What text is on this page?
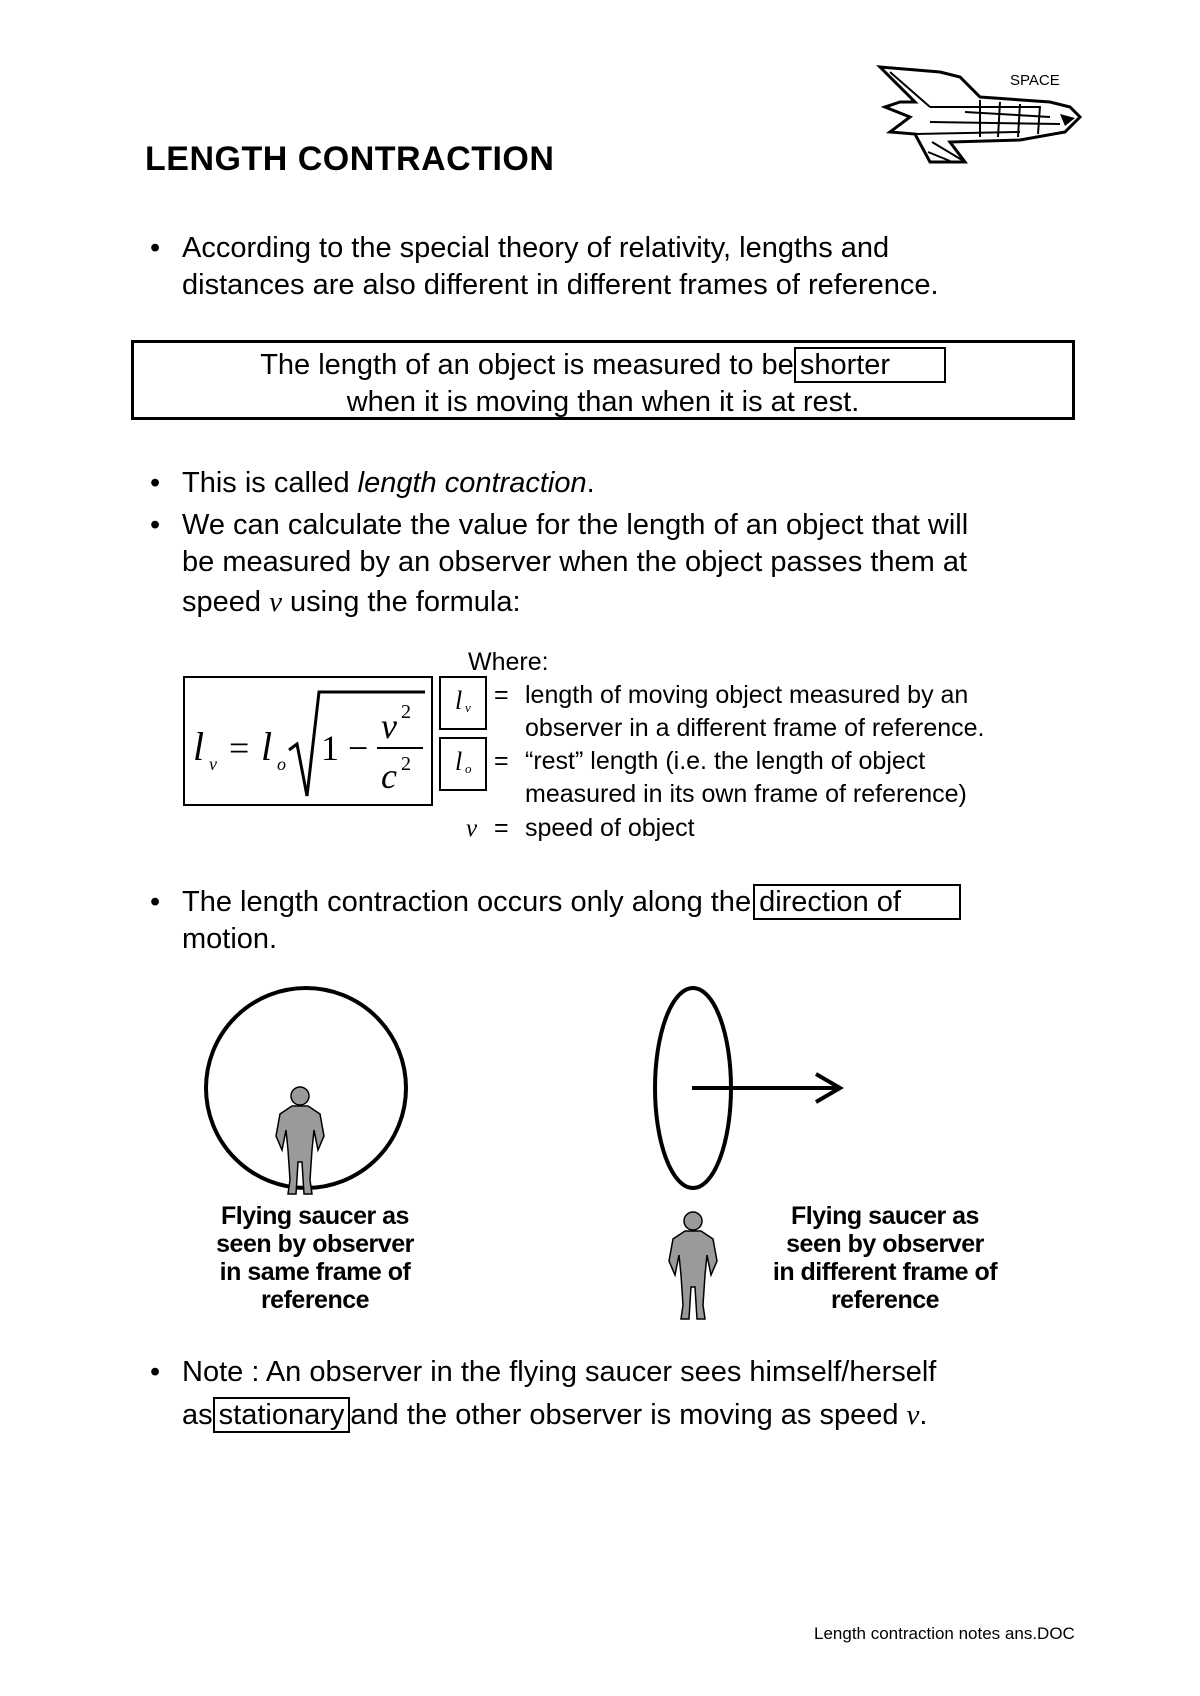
SPACE
LENGTH CONTRACTION
• According to the special theory of relativity, lengths and
distances are also different in different frames of reference.
The length of an object is measured to be shorter
when it is moving than when it is at rest.
• This is called length contraction.
• We can calculate the value for the length of an object that will
be measured by an observer when the object passes them at
speed v using the formula:
l v = l o 1 −
v 2
c 2
Where:
l v = length of moving object measured by an
observer in a different frame of reference.
l o = “rest” length (i.e. the length of object
measured in its own frame of reference)
v = speed of object
• The length contraction occurs only along the direction of
motion.
Flying saucer as
seen by observer
in same frame of
reference
Flying saucer as
seen by observer
in different frame of
reference
• Note : An observer in the flying saucer sees himself/herself
as stationary and the other observer is moving as speed v.
Length contraction notes ans.DOC
